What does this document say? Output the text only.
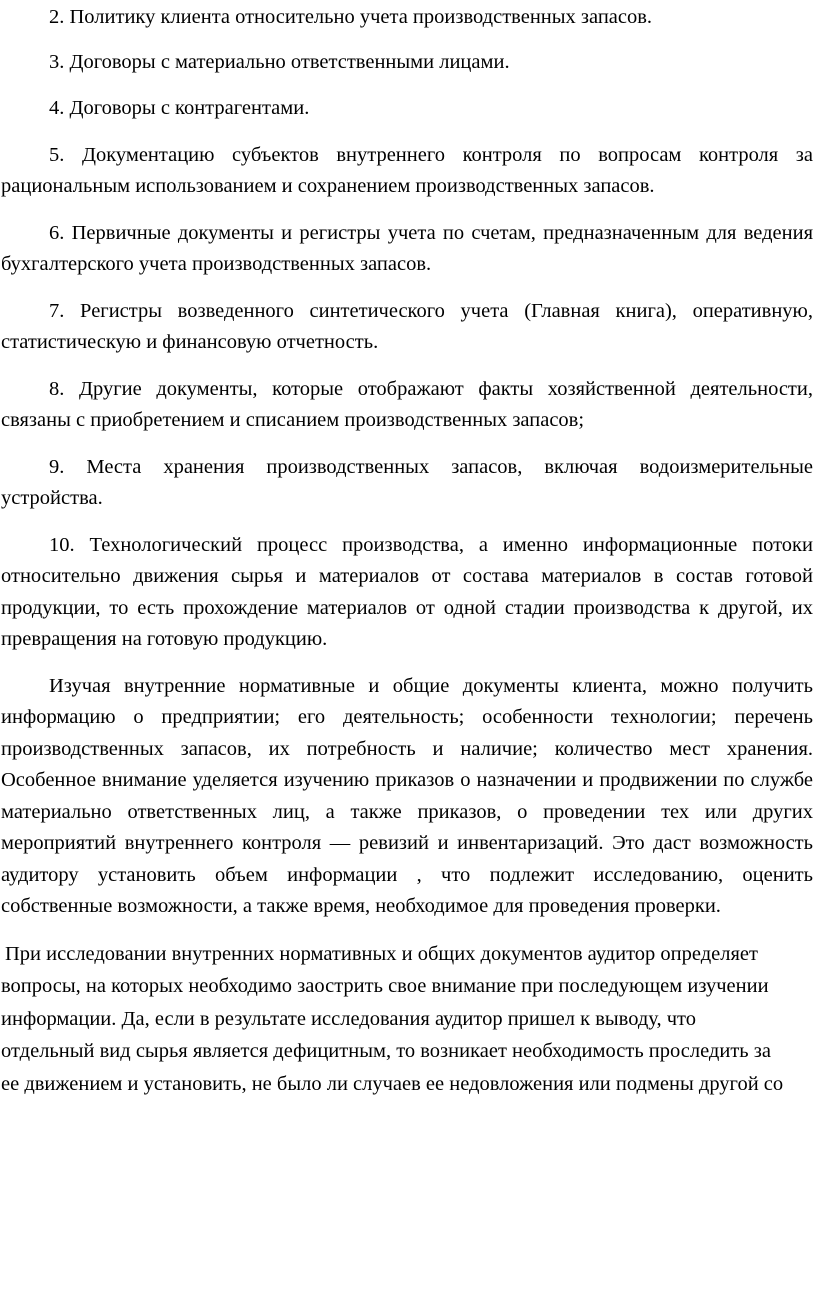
2. Политику клиента относительно учета производственных запасов.

3. Договоры с материально ответственными лицами.

4. Договоры с контрагентами.

5. Документацию субъектов внутреннего контроля по вопросам контроля за рациональным использованием и сохранением производственных запасов.

6. Первичные документы и регистры учета по счетам, предназначенным для ведения бухгалтерского учета производственных запасов.

7. Регистры возведенного синтетического учета (Главная книга), оперативную, статистическую и финансовую отчетность.

8. Другие документы, которые отображают факты хозяйственной деятельности, связаны с приобретением и списанием производственных запасов;

9. Места хранения производственных запасов, включая водоизмерительные устройства.

10. Технологический процесс производства, а именно информационные потоки относительно движения сырья и материалов от состава материалов в состав готовой продукции, то есть прохождение материалов от одной стадии производства к другой, их превращения на готовую продукцию.

Изучая внутренние нормативные и общие документы клиента, можно получить информацию о предприятии; его деятельность; особенности технологии; перечень производственных запасов, их потребность и наличие; количество мест хранения. Особенное внимание уделяется изучению приказов о назначении и продвижении по службе материально ответственных лиц, а также приказов, о проведении тех или других мероприятий внутреннего контроля — ревизий и инвентаризаций. Это даст возможность аудитору установить объем информации , что подлежит исследованию, оценить собственные возможности, а также время, необходимое для проведения проверки.

При исследовании внутренних нормативных и общих документов аудитор определяет вопросы, на которых необходимо заострить свое внимание при последующем изучении информации. Да, если в результате исследования аудитор пришел к выводу, что отдельный вид сырья является дефицитным, то возникает необходимость проследить за ее движением и установить, не было ли случаев ее недовложения или подмены другой со
